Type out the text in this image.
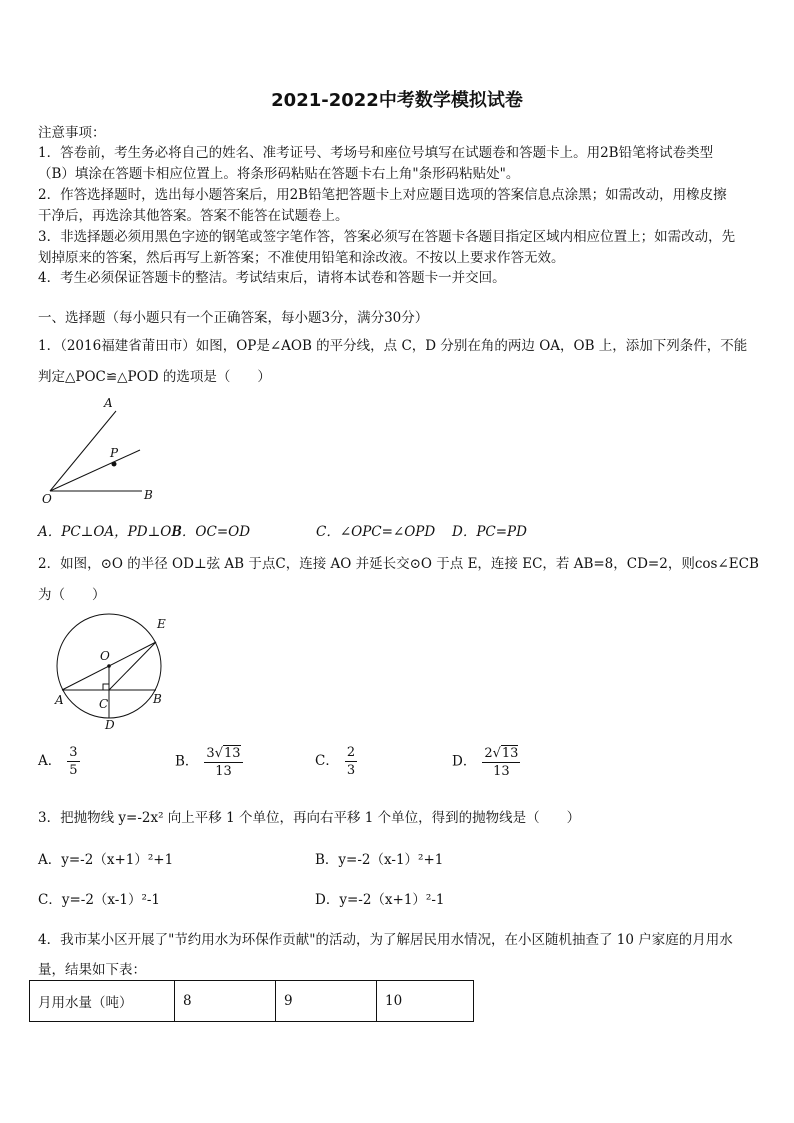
2021-2022中考数学模拟试卷
注意事项：
1．答卷前，考生务必将自己的姓名、准考证号、考场号和座位号填写在试题卷和答题卡上。用2B铅笔将试卷类型
（B）填涂在答题卡相应位置上。将条形码粘贴在答题卡右上角"条形码粘贴处"。
2．作答选择题时，选出每小题答案后，用2B铅笔把答题卡上对应题目选项的答案信息点涂黑；如需改动，用橡皮擦
干净后，再选涂其他答案。答案不能答在试题卷上。
3．非选择题必须用黑色字迹的钢笔或签字笔作答，答案必须写在答题卡各题目指定区域内相应位置上；如需改动，先
划掉原来的答案，然后再写上新答案；不准使用铅笔和涂改液。不按以上要求作答无效。
4．考生必须保证答题卡的整洁。考试结束后，请将本试卷和答题卡一并交回。
一、选择题（每小题只有一个正确答案，每小题3分，满分30分）
1．（2016福建省莆田市）如图，OP是∠AOB 的平分线，点 C，D 分别在角的两边 OA，OB 上，添加下列条件，不能
判定△POC≌△POD 的选项是（　　）
A
P
O	B
A．PC⊥OA，PD⊥OB
B．OC=OD	C．∠OPC=∠OPD D．PC=PD
2．如图，⊙O 的半径 OD⊥弦 AB 于点C，连接 AO 并延长交⊙O 于点 E，连接 EC，若 AB=8，CD=2，则cos∠ECB
为（　　）
E
O
A	C	B
D
A． $\frac{3}{5}$	B． $\frac{3√13}{13}$	C． $\frac{2}{3}$	D． $\frac{2√13}{13}$
3．把抛物线 y=-2x² 向上平移 1 个单位，再向右平移 1 个单位，得到的抛物线是（　　）
A．y=-2（x+1）²+1	B．y=-2（x-1）²+1
C．y=-2（x-1）²-1	D．y=-2（x+1）²-1
4．我市某小区开展了"节约用水为环保作贡献"的活动，为了解居民用水情况，在小区随机抽查了 10 户家庭的月用水
量，结果如下表：
月用水量（吨）	8	9	10
